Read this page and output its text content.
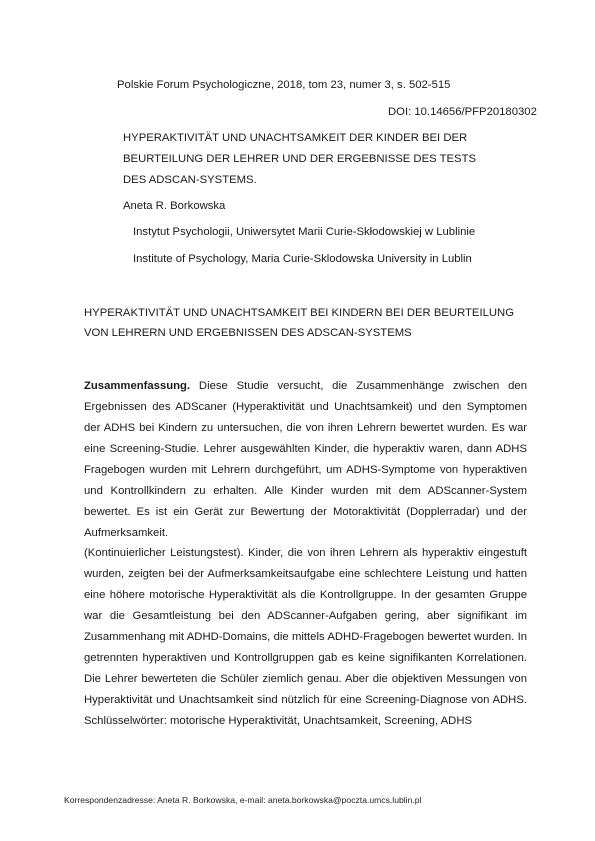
Polskie Forum Psychologiczne, 2018, tom 23, numer 3, s. 502-515
DOI: 10.14656/PFP20180302
HYPERAKTIVITÄT UND UNACHTSAMKEIT DER KINDER BEI DER
BEURTEILUNG DER LEHRER UND DER ERGEBNISSE DES TESTS
DES ADSCAN-SYSTEMS.
Aneta R. Borkowska
Instytut Psychologii, Uniwersytet Marii Curie-Skłodowskiej w Lublinie
Institute of Psychology, Maria Curie-Sklodowska University in Lublin
HYPERAKTIVITÄT UND UNACHTSAMKEIT BEI KINDERN BEI DER BEURTEILUNG
VON LEHRERN UND ERGEBNISSEN DES ADSCAN-SYSTEMS

Zusammenfassung. Diese Studie versucht, die Zusammenhänge zwischen den Ergebnissen des ADScaner (Hyperaktivität und Unachtsamkeit) und den Symptomen der ADHS bei Kindern zu untersuchen, die von ihren Lehrern bewertet wurden. Es war eine Screening-Studie. Lehrer ausgewählten Kinder, die hyperaktiv waren, dann ADHS Fragebogen wurden mit Lehrern durchgeführt, um ADHS-Symptome von hyperaktiven und Kontrollkindern zu erhalten. Alle Kinder wurden mit dem ADScanner-System bewertet. Es ist ein Gerät zur Bewertung der Motoraktivität (Dopplerradar) und der Aufmerksamkeit.

(Kontinuierlicher Leistungstest). Kinder, die von ihren Lehrern als hyperaktiv eingestuft wurden, zeigten bei der Aufmerksamkeitsaufgabe eine schlechtere Leistung und hatten eine höhere motorische Hyperaktivität als die Kontrollgruppe. In der gesamten Gruppe war die Gesamtleistung bei den ADScanner-Aufgaben gering, aber signifikant im Zusammenhang mit ADHD-Domains, die mittels ADHD-Fragebogen bewertet wurden. In getrennten hyperaktiven und Kontrollgruppen gab es keine signifikanten Korrelationen. Die Lehrer bewerteten die Schüler ziemlich genau. Aber die objektiven Messungen von Hyperaktivität und Unachtsamkeit sind nützlich für eine Screening-Diagnose von ADHS. Schlüsselwörter: motorische Hyperaktivität, Unachtsamkeit, Screening, ADHS

Korrespondenzadresse: Aneta R. Borkowska, e-mail: aneta.borkowska@poczta.umcs.lublin.pl
